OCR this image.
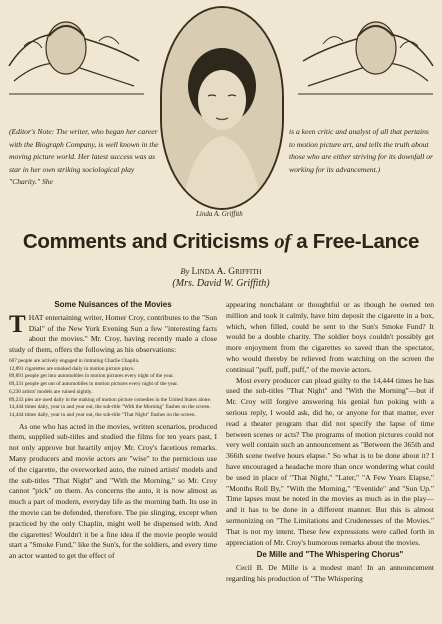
Linda A. Griffith
(Editor's Note: The writer, who began her career with the Biograph Company, is well known in the moving picture world. Her latest success was as star in her own striking sociological play "Charity." She
is a keen critic and analyst of all that pertains to motion picture art, and tells the truth about those who are either striving for its downfall or working for its advancement.)
Comments and Criticisms of a Free-Lance
By Linda A. Griffith
(Mrs. David W. Griffith)

Some Nuisances of the Movies

THAT entertaining writer, Homer Croy, contributes to the "Sun Dial" of the New York Evening Sun a few "interesting facts about the movies." Mr. Croy, having recently made a close study of them, offers the following as his observations:

607 people are actively engaged in imitating Charlie Chaplin.
12,891 cigarettes are smoked daily in motion picture plays.
89,891 people get into automobiles in motion pictures every night of the year.
89,331 people get out of automobiles in motion pictures every night of the year.
6,230 artists' models are ruined nightly.
89,233 pies are used daily in the making of motion picture comedies in the United States alone.
14,444 times daily, year in and year out, the sub-title "With the Morning" flashes on the screen.
14,444 times daily, year in and year out, the sub-title "That Night" flashes on the screen.

As one who has acted in the movies, written scenarios, produced them, supplied sub-titles and studied the films for ten years past, I not only approve but heartily enjoy Mr. Croy's facetious remarks. Many producers and movie actors are "wise" to the pernicious use of the cigarette, the overworked auto, the ruined artists' models and the sub-titles "That Night" and "With the Morning," so Mr. Croy cannot "pick" on them. As concerns the auto, it is now almost as much a part of modern, everyday life as the morning bath. Its use in the movie can be defended, therefore. The pie slinging, except when practiced by the only Chaplin, might well be dispensed with. And the cigarettes! Wouldn't it be a fine idea if the movie people would start a "Smoke Fund," like the Sun's, for the soldiers, and every time an actor wanted to get the effect of

appearing nonchalant or thoughtful or as though he owned ten million and took it calmly, have him deposit the cigarette in a box, which, when filled, could be sent to the Sun's Smoke Fund? It would be a double charity. The soldier boys couldn't possibly get more enjoyment from the cigarettes so saved than the spectator, who would thereby be relieved from watching on the screen the continual "puff, puff, puff," of the movie actors.

Most every producer can plead guilty to the 14,444 times he has used the sub-titles "That Night" and "With the Morning"—but if Mr. Croy will forgive answering his genial fun poking with a serious reply, I would ask, did he, or anyone for that matter, ever read a theater program that did not specify the lapse of time between scenes or acts? The programs of motion pictures could not very well contain such an announcement as "Between the 365th and 366th scene twelve hours elapse." So what is to be done about it? I have encouraged a headache more than once wondering what could be used in place of "That Night," "Later," "A Few Years Elapse," "Months Roll By," "With the Morning," "Eventide" and "Sun Up." Time lapses must be noted in the movies as much as in the play—and it has to be done in a different manner. But this is almost sermonizing on "The Limitations and Crudenesses of the Movies." That is not my intent. These few expressions were called forth in appreciation of Mr. Croy's humorous remarks about the movies.

De Mille and "The Whispering Chorus"

Cecil B. De Mille is a modest man! In an announcement regarding his production of "The Whispering
